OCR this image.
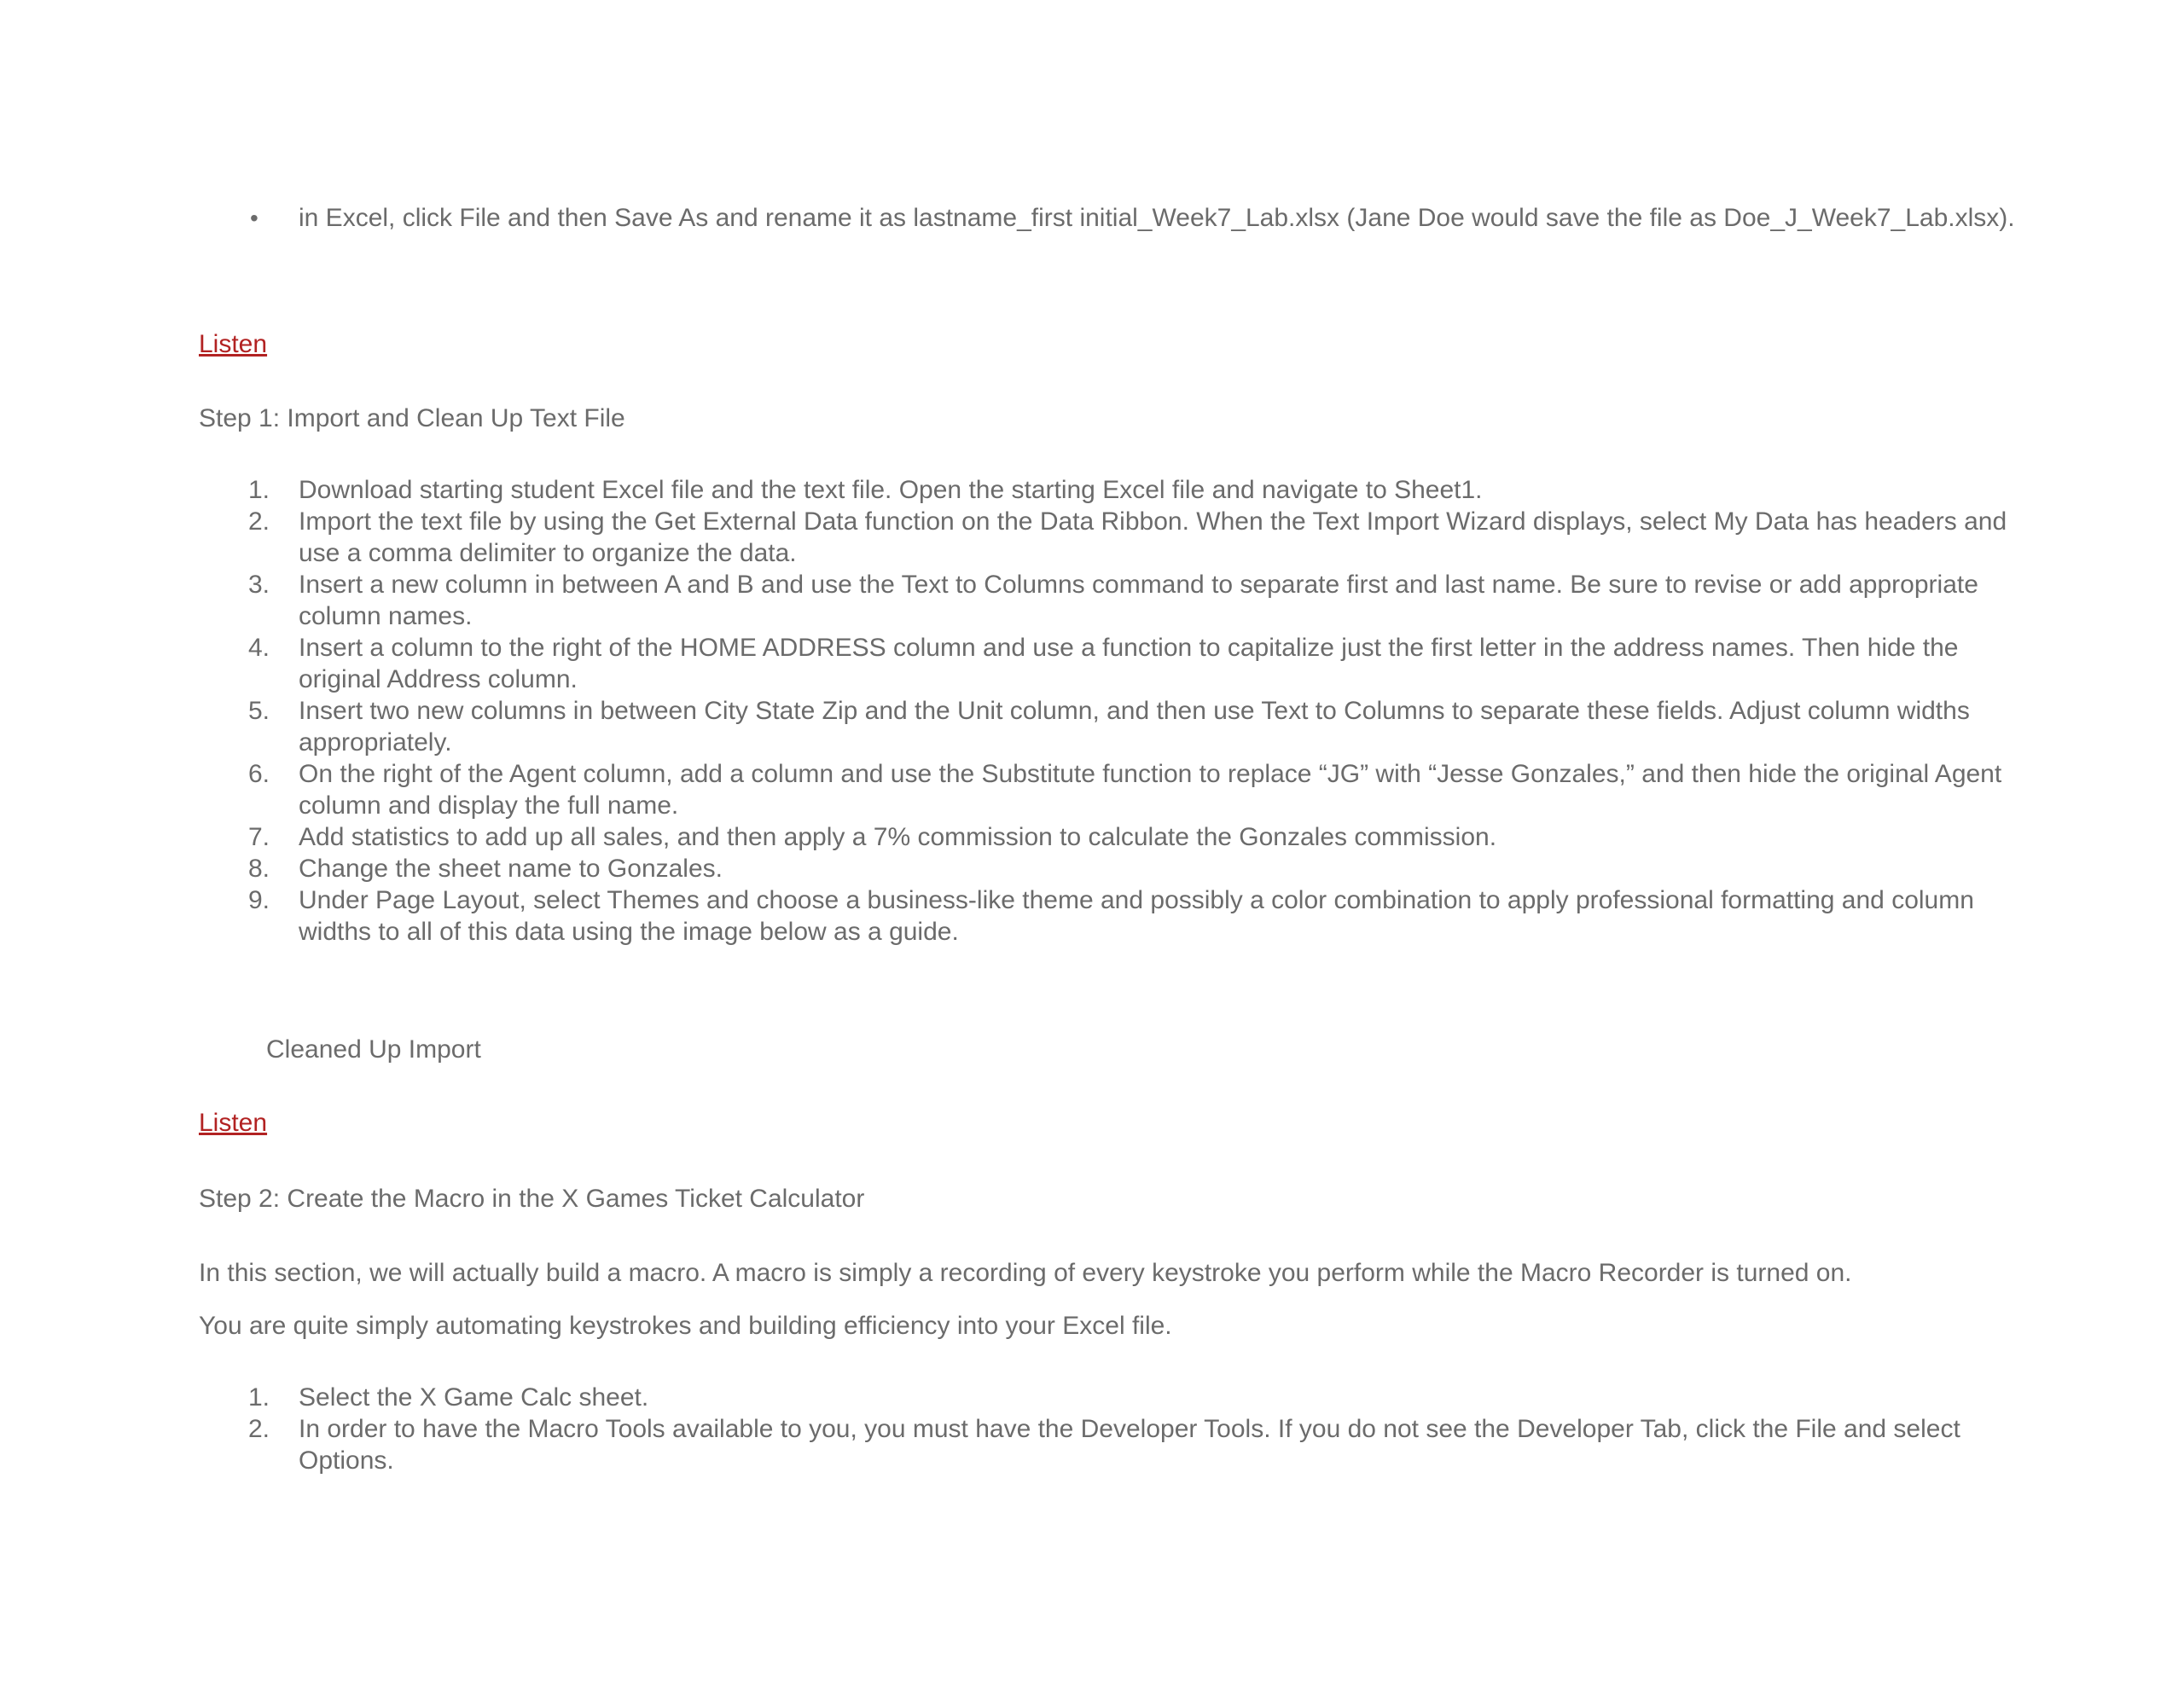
• in Excel, click File and then Save As and rename it as lastname_first initial_Week7_Lab.xlsx (Jane Doe would save the file as Doe_J_Week7_Lab.xlsx).
Listen
Step 1: Import and Clean Up Text File
1.	Download starting student Excel file and the text file. Open the starting Excel file and navigate to Sheet1.
2.	Import the text file by using the Get External Data function on the Data Ribbon. When the Text Import Wizard displays, select My Data has headers and use a comma delimiter to organize the data.
3.	Insert a new column in between A and B and use the Text to Columns command to separate first and last name. Be sure to revise or add appropriate column names.
4.	Insert a column to the right of the HOME ADDRESS column and use a function to capitalize just the first letter in the address names. Then hide the original Address column.
5.	Insert two new columns in between City State Zip and the Unit column, and then use Text to Columns to separate these fields. Adjust column widths appropriately.
6.	On the right of the Agent column, add a column and use the Substitute function to replace “JG” with “Jesse Gonzales,” and then hide the original Agent column and display the full name.
7.	Add statistics to add up all sales, and then apply a 7% commission to calculate the Gonzales commission.
8.	Change the sheet name to Gonzales.
9.	Under Page Layout, select Themes and choose a business-like theme and possibly a color combination to apply professional formatting and column widths to all of this data using the image below as a guide.
Cleaned Up Import
Listen
Step 2: Create the Macro in the X Games Ticket Calculator
In this section, we will actually build a macro. A macro is simply a recording of every keystroke you perform while the Macro Recorder is turned on.
You are quite simply automating keystrokes and building efficiency into your Excel file.
1.	Select the X Game Calc sheet.
2.	In order to have the Macro Tools available to you, you must have the Developer Tools. If you do not see the Developer Tab, click the File and select Options.
